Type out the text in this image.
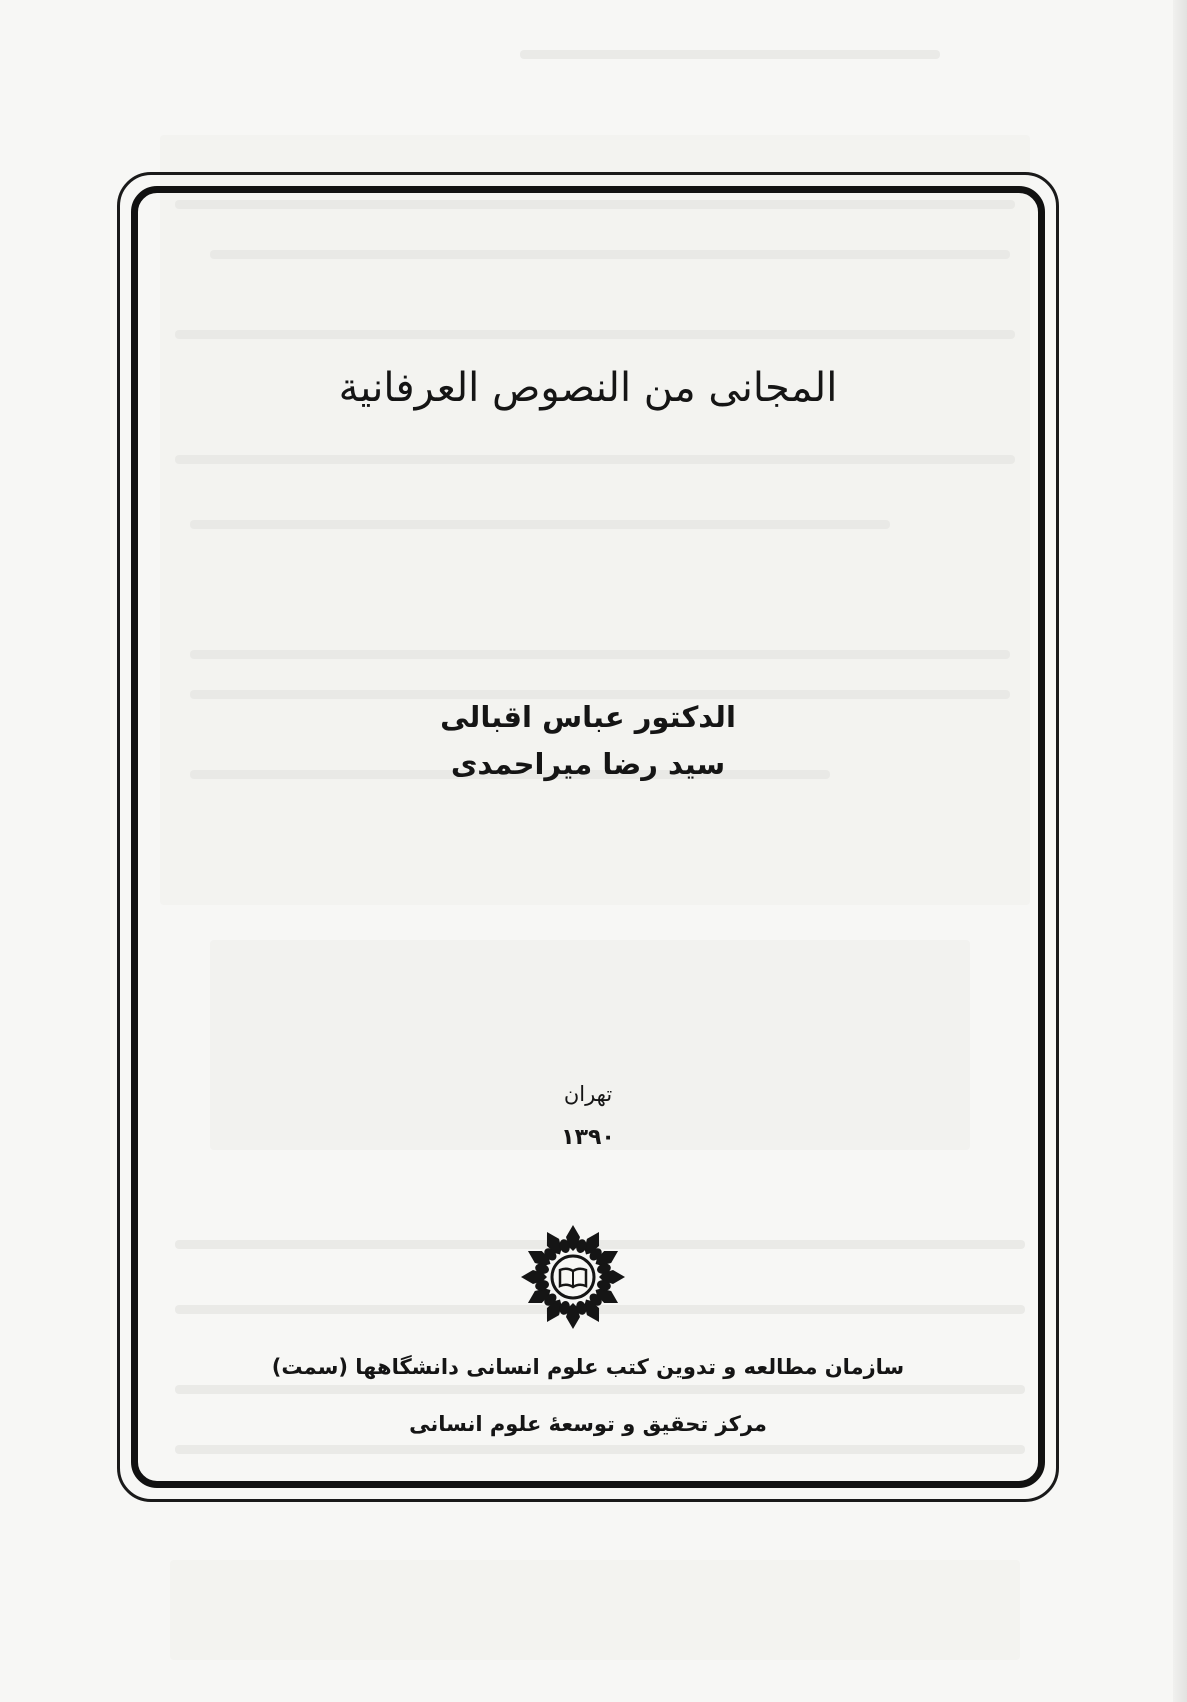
المجانی من النصوص العرفانیة
الدکتور عباس اقبالی
سید رضا میراحمدی
تهران
۱۳۹۰
سازمان مطالعه و تدوین کتب علوم انسانی دانشگاهها (سمت)
مرکز تحقیق و توسعهٔ علوم انسانی
